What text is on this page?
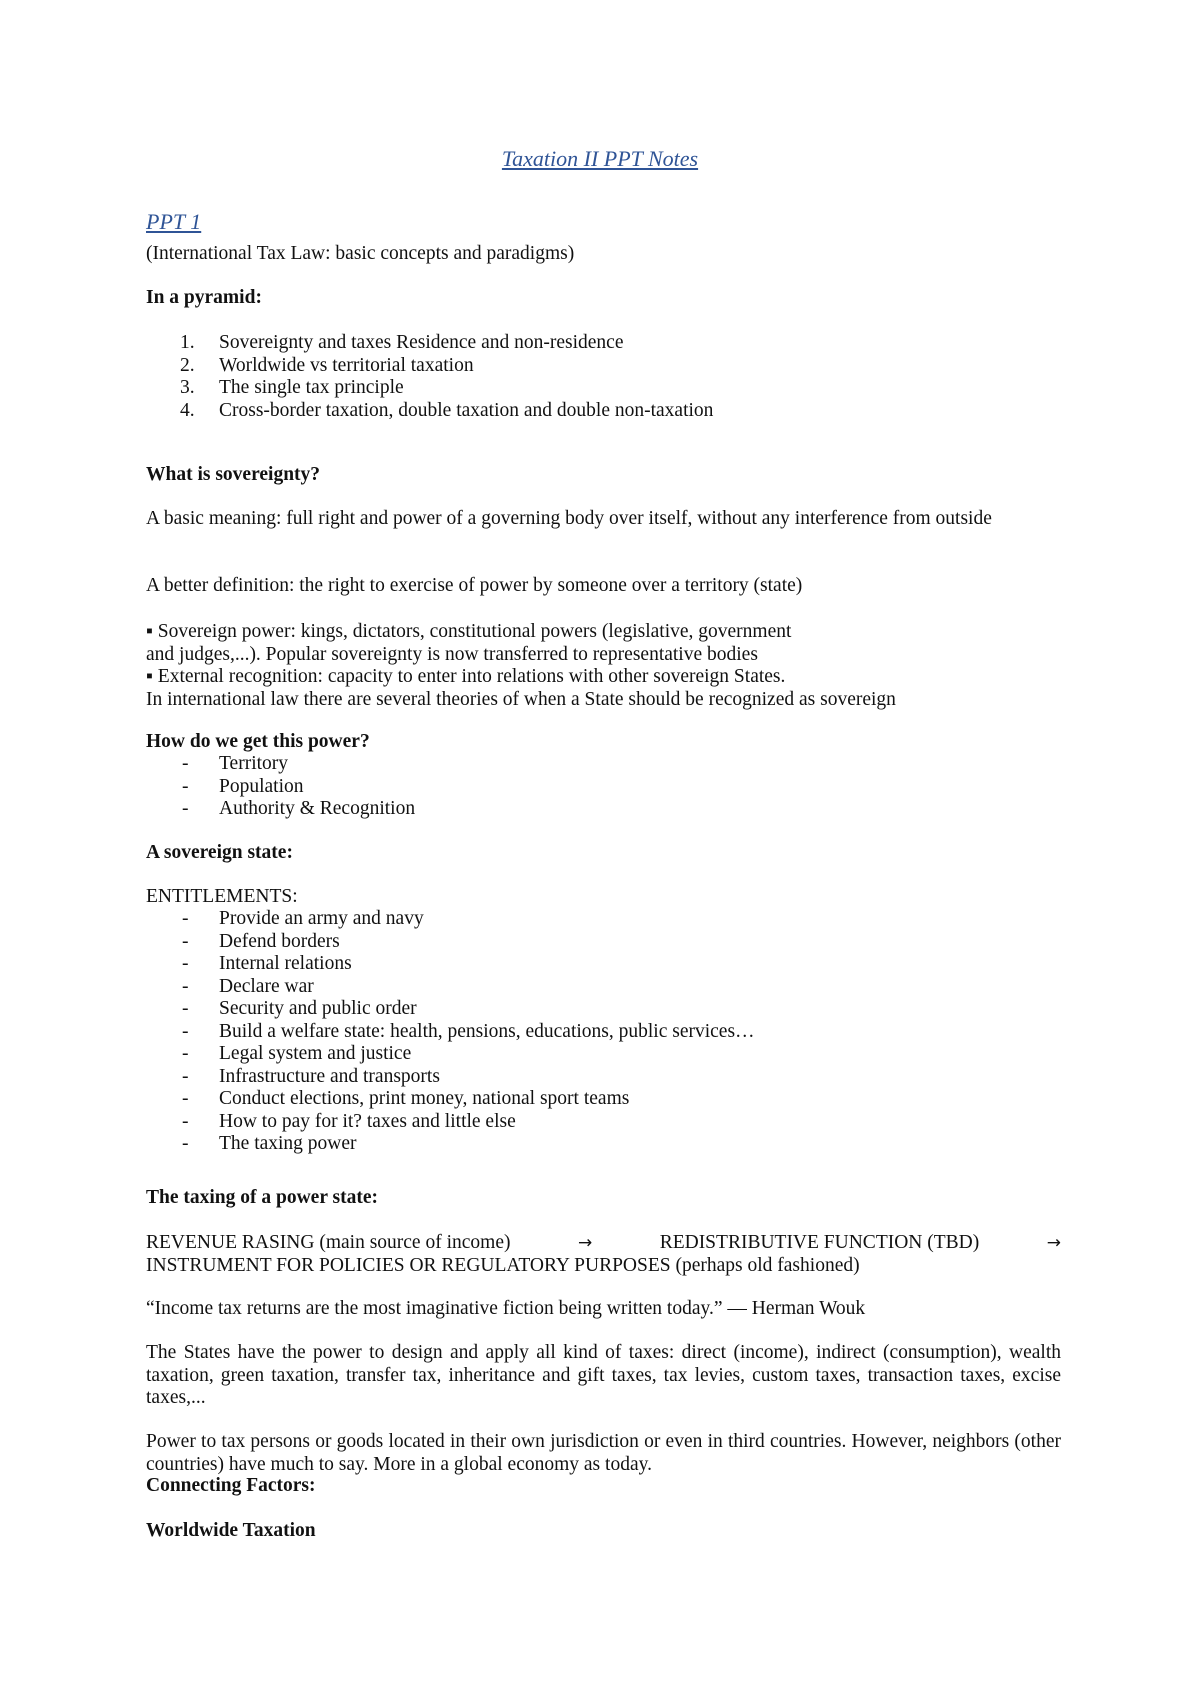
Taxation II PPT Notes
PPT 1

(International Tax Law: basic concepts and paradigms)

In a pyramid:

1.	Sovereignty and taxes Residence and non-residence
2.	Worldwide vs territorial taxation
3.	The single tax principle
4.	Cross-border taxation, double taxation and double non-taxation

What is sovereignty?

A basic meaning: full right and power of a governing body over itself, without any interference from outside

A better definition: the right to exercise of power by someone over a territory (state)

▪ Sovereign power: kings, dictators, constitutional powers (legislative, government

and judges,...). Popular sovereignty is now transferred to representative bodies

▪ External recognition: capacity to enter into relations with other sovereign States.

In international law there are several theories of when a State should be recognized as sovereign

How do we get this power?

-	Territory
-	Population
-	Authority & Recognition

A sovereign state:

ENTITLEMENTS:

-	Provide an army and navy
-	Defend borders
-	Internal relations
-	Declare war
-	Security and public order
-	Build a welfare state: health, pensions, educations, public services…
-	Legal system and justice
-	Infrastructure and transports
-	Conduct elections, print money, national sport teams
-	How to pay for it? taxes and little else
-	The taxing power

The taxing of a power state:

REVENUE RASING (main source of income)	→	REDISTRIBUTIVE FUNCTION (TBD)	→

INSTRUMENT FOR POLICIES OR REGULATORY PURPOSES (perhaps old fashioned)

“Income tax returns are the most imaginative fiction being written today.” — Herman Wouk

The States have the power to design and apply all kind of taxes: direct (income), indirect (consumption), wealth taxation, green taxation, transfer tax, inheritance and gift taxes, tax levies, custom taxes, transaction taxes, excise taxes,...

Power to tax persons or goods located in their own jurisdiction or even in third countries. However, neighbors (other countries) have much to say. More in a global economy as today.

Connecting Factors:

Worldwide Taxation
